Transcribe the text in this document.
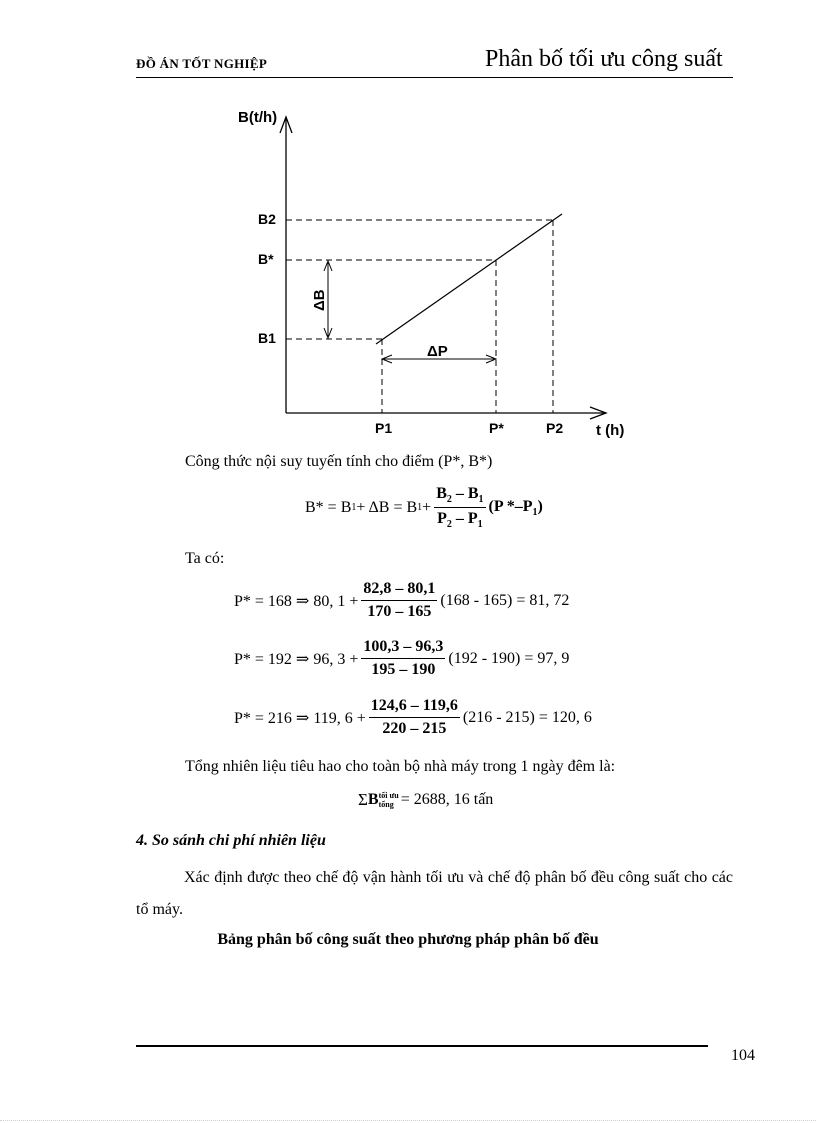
ĐỒ ÁN TỐT NGHIỆP	Phân bố tối ưu công suất
B(t/h)
t (h)
B2
B*
B1
P1	P*	P2
ΔB
ΔP
Công thức nội suy tuyến tính cho điểm (P*, B*)
B* = B 1 + ΔB = B $1 + \frac{B_2 - B_1}{P_2 - P_1} (P$ $*-P_1$)
Ta có:
P* = 168 ⇒ 80, $1 + \frac{82,8 - 80,1}{170 - 165} (168 - 165) = 81$, 72
P* = 192 ⇒ 96, $3 + \frac{100,3 - 96,3}{195 - 190} (192 - 190) = 97$, 9
P* = 216 ⇒ 119, $6 + \frac{124,6 - 119,6}{220 - 215} (216 - 215) = 120$, 6
Tổng nhiên liệu tiêu hao cho toàn bộ nhà máy trong 1 ngày đêm là:
Σ B tối ưu
tổng = 2688, 16 tấn
4. So sánh chi phí nhiên liệu
Xác định được theo chế độ vận hành tối ưu và chế độ phân bố đều công suất cho các tổ máy.
Bảng phân bố công suất theo phương pháp phân bố đều
104
